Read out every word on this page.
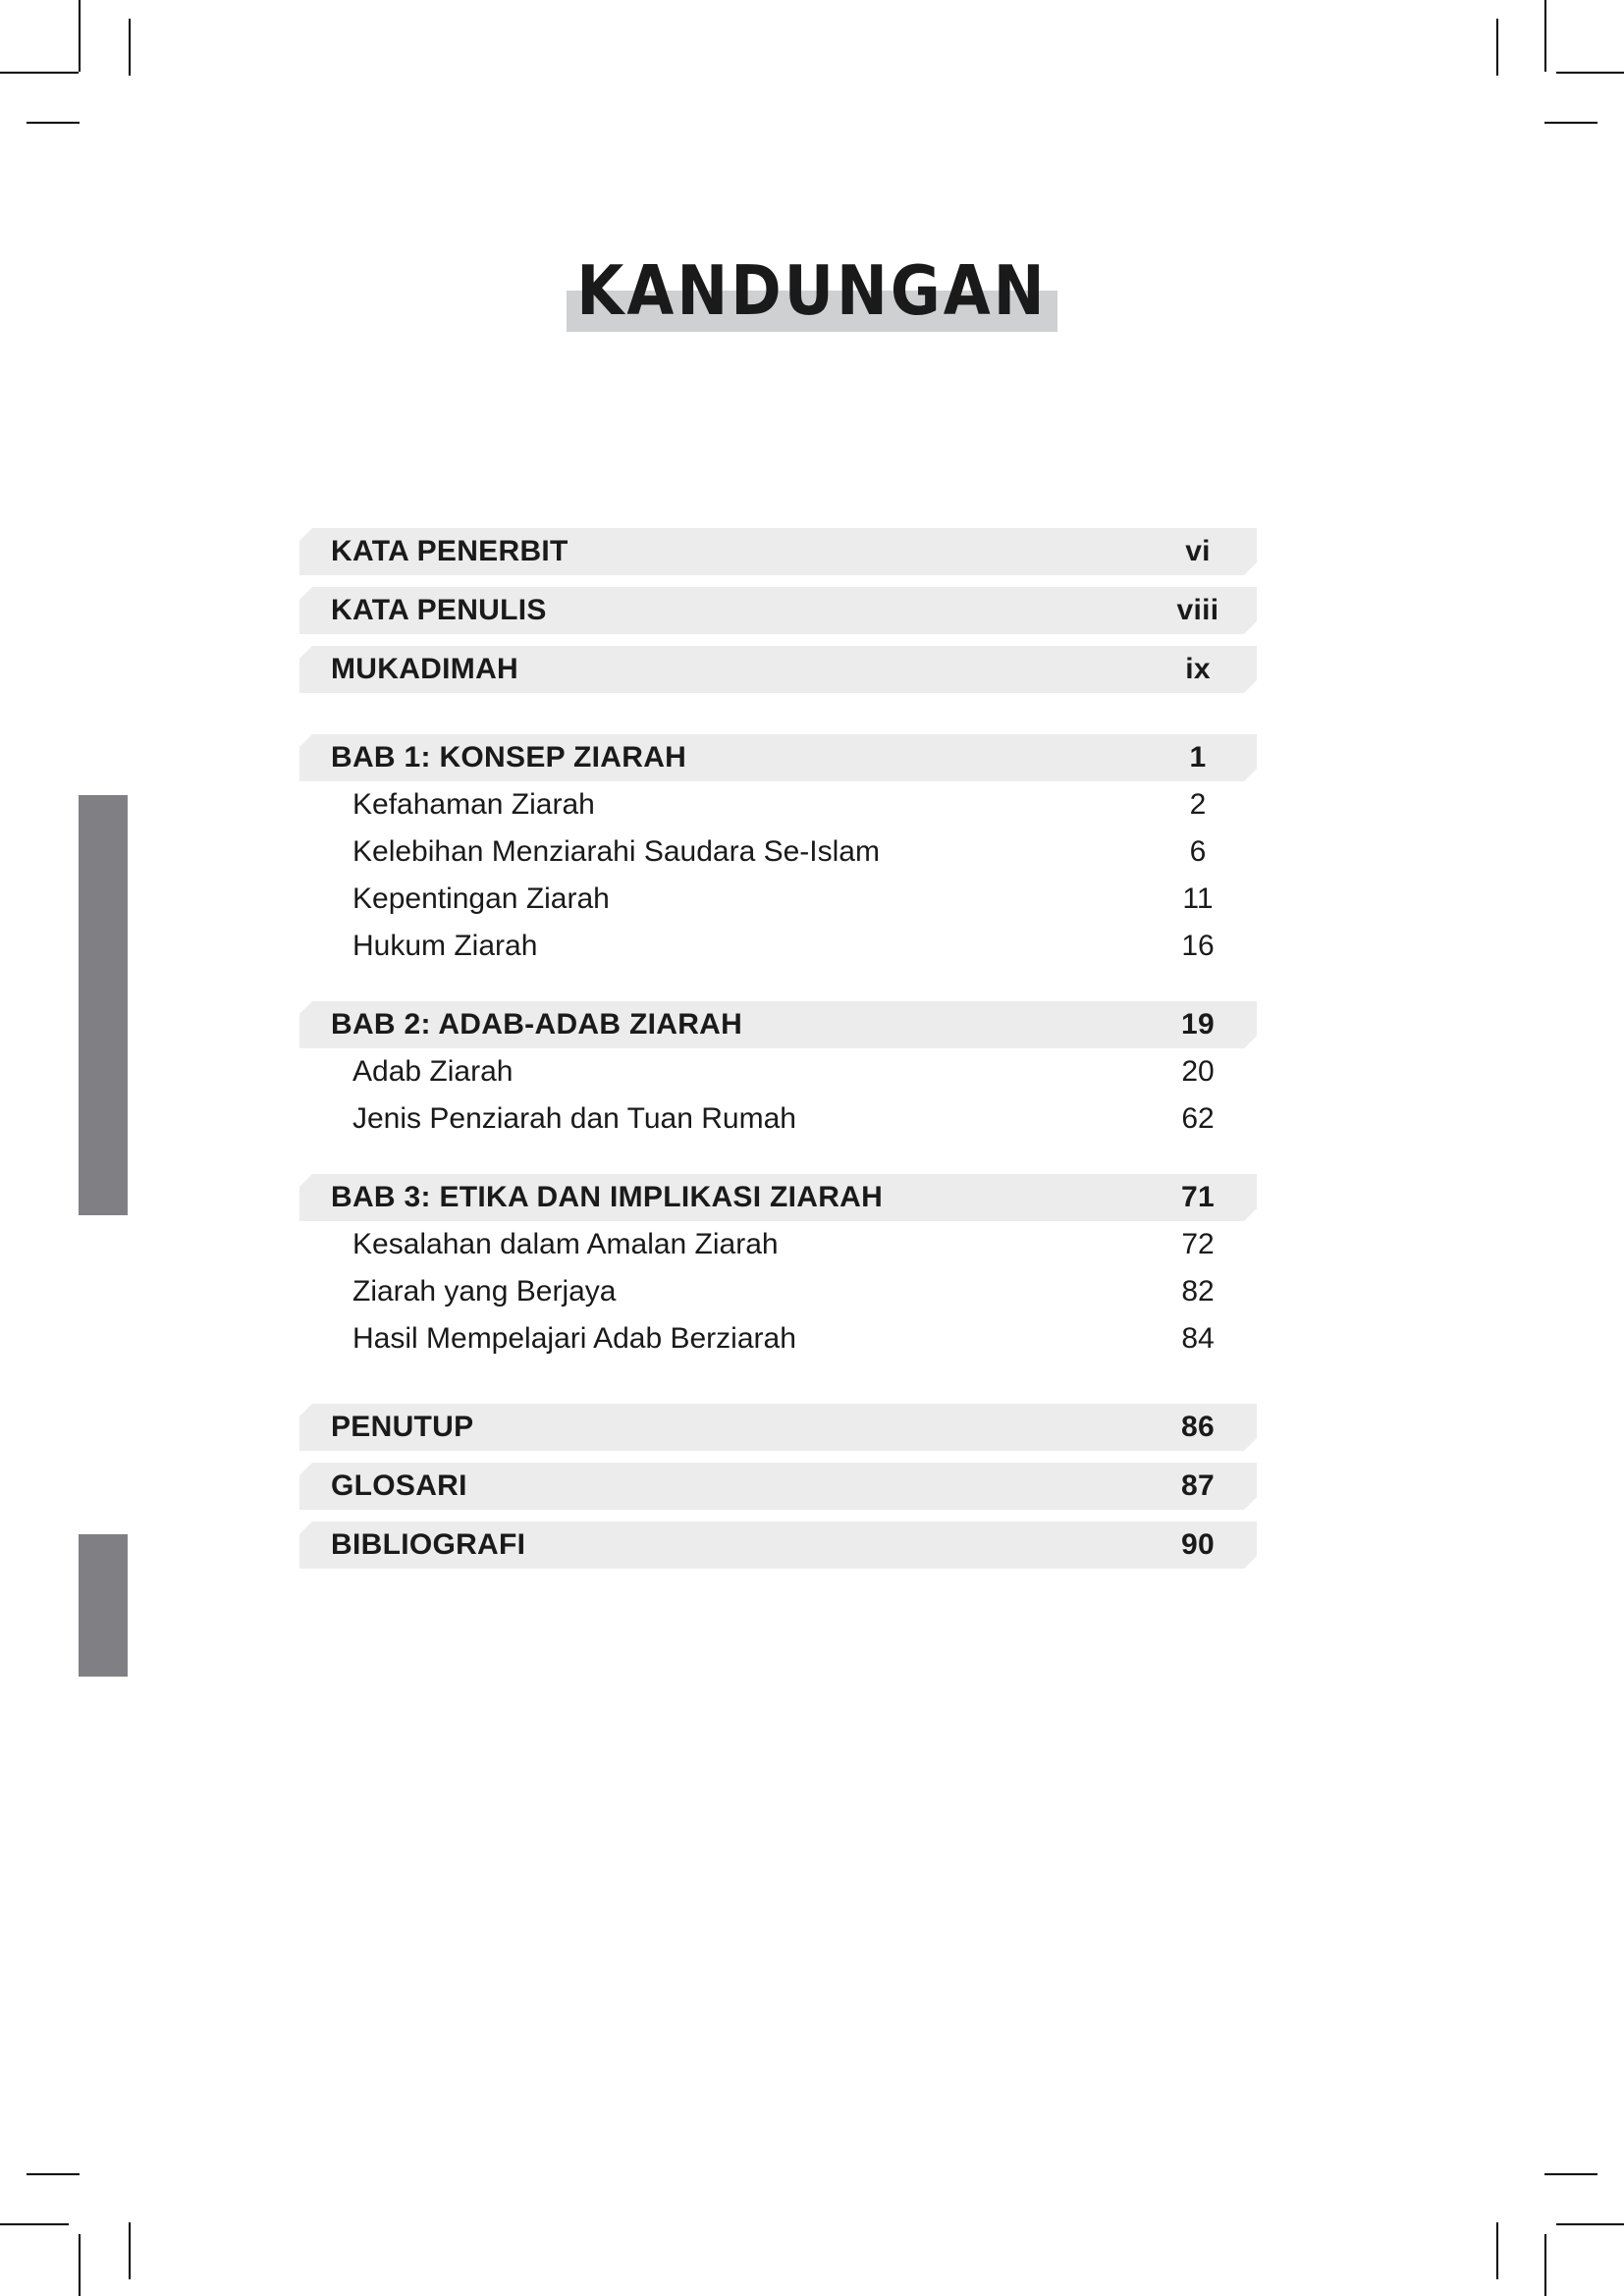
KANDUNGAN
KATA PENERBIT	vi
KATA PENULIS	viii
MUKADIMAH	ix
BAB 1: KONSEP ZIARAH	1
Kefahaman Ziarah	2
Kelebihan Menziarahi Saudara Se-Islam	6
Kepentingan Ziarah	11
Hukum Ziarah	16
BAB 2: ADAB-ADAB ZIARAH	19
Adab Ziarah	20
Jenis Penziarah dan Tuan Rumah	62
BAB 3: ETIKA DAN IMPLIKASI ZIARAH	71
Kesalahan dalam Amalan Ziarah	72
Ziarah yang Berjaya	82
Hasil Mempelajari Adab Berziarah	84
PENUTUP	86
GLOSARI	87
BIBLIOGRAFI	90
